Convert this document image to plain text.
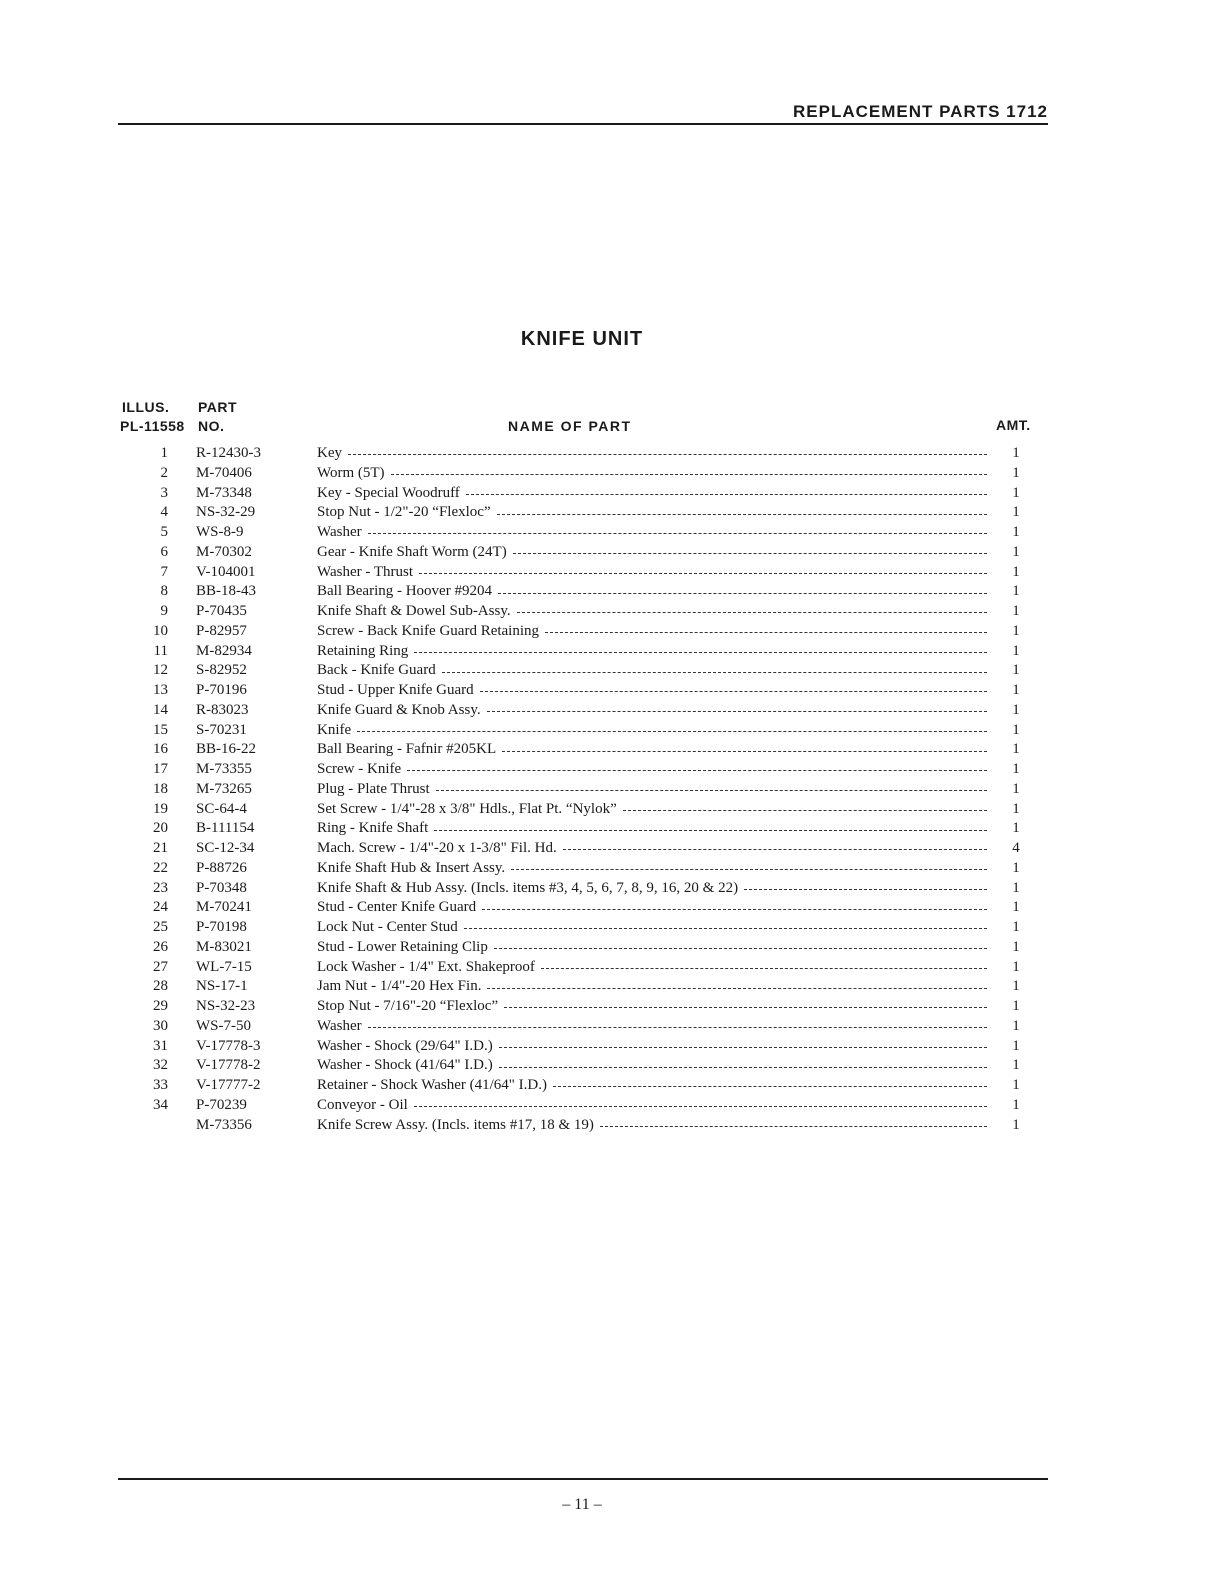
REPLACEMENT PARTS 1712
KNIFE UNIT
ILLUS. PART
PL-11558 NO.	NAME OF PART	AMT.
1 R-12430-3	Key	1
2 M-70406	Worm (5T)	1
3 M-73348	Key - Special Woodruff	1
4 NS-32-29	Stop Nut - 1/2"-20 “Flexloc”	1
5 WS-8-9	Washer	1
6 M-70302	Gear - Knife Shaft Worm (24T)	1
7 V-104001	Washer - Thrust	1
8 BB-18-43	Ball Bearing - Hoover #9204	1
9 P-70435	Knife Shaft & Dowel Sub-Assy.	1
10 P-82957	Screw - Back Knife Guard Retaining	1
11 M-82934	Retaining Ring	1
12 S-82952	Back - Knife Guard	1
13 P-70196	Stud - Upper Knife Guard	1
14 R-83023	Knife Guard & Knob Assy.	1
15 S-70231	Knife	1
16 BB-16-22	Ball Bearing - Fafnir #205KL	1
17 M-73355	Screw - Knife	1
18 M-73265	Plug - Plate Thrust	1
19 SC-64-4	Set Screw - 1/4"-28 x 3/8" Hdls., Flat Pt. “Nylok”	1
20 B-111154	Ring - Knife Shaft	1
21 SC-12-34	Mach. Screw - 1/4"-20 x 1-3/8" Fil. Hd.	4
22 P-88726	Knife Shaft Hub & Insert Assy.	1
23 P-70348	Knife Shaft & Hub Assy. (Incls. items #3, 4, 5, 6, 7, 8, 9, 16, 20 & 22)	1
24 M-70241	Stud - Center Knife Guard	1
25 P-70198	Lock Nut - Center Stud	1
26 M-83021	Stud - Lower Retaining Clip	1
27 WL-7-15	Lock Washer - 1/4" Ext. Shakeproof	1
28 NS-17-1	Jam Nut - 1/4"-20 Hex Fin.	1
29 NS-32-23	Stop Nut - 7/16"-20 “Flexloc”	1
30 WS-7-50	Washer	1
31 V-17778-3	Washer - Shock (29/64" I.D.)	1
32 V-17778-2	Washer - Shock (41/64" I.D.)	1
33 V-17777-2	Retainer - Shock Washer (41/64" I.D.)	1
34 P-70239	Conveyor - Oil	1
M-73356	Knife Screw Assy. (Incls. items #17, 18 & 19)	1
– 11 –
